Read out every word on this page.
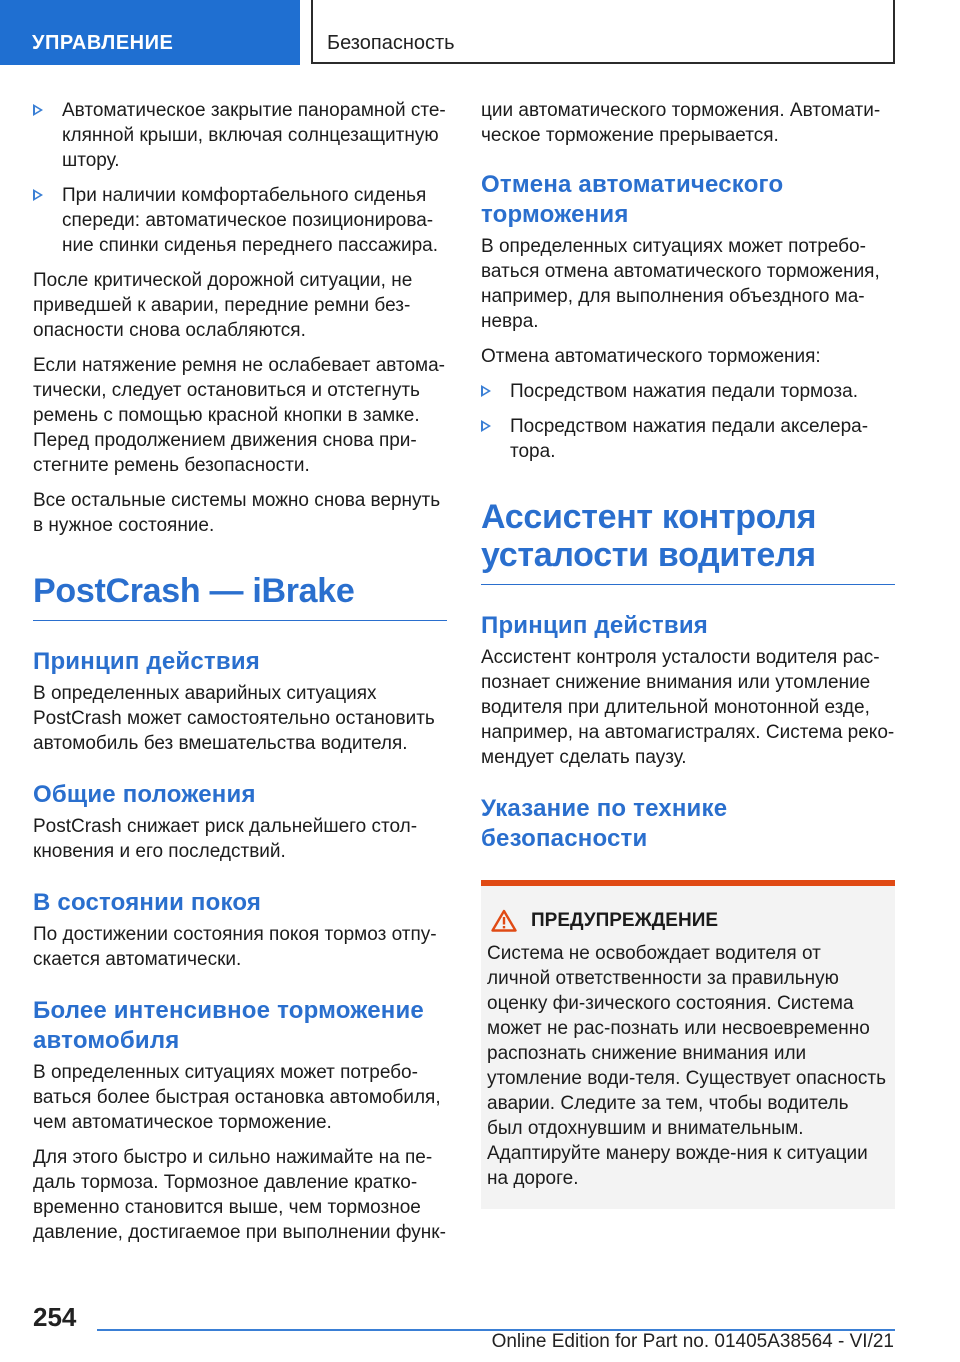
УПРАВЛЕНИЕ	Безопасность
Автоматическое закрытие панорамной сте-клянной крыши, включая солнцезащитную штору.
При наличии комфортабельного сиденья спереди: автоматическое позиционирова-ние спинки сиденья переднего пассажира.

После критической дорожной ситуации, не приведшей к аварии, передние ремни без-опасности снова ослабляются.

Если натяжение ремня не ослабевает автома-тически, следует остановиться и отстегнуть ремень с помощью красной кнопки в замке. Перед продолжением движения снова при-стегните ремень безопасности.

Все остальные системы можно снова вернуть в нужное состояние.

PostCrash — iBrake
Принцип действия

В определенных аварийных ситуациях PostCrash может самостоятельно остановить автомобиль без вмешательства водителя.

Общие положения

PostCrash снижает риск дальнейшего стол-кновения и его последствий.

В состоянии покоя

По достижении состояния покоя тормоз отпу-скается автоматически.

Более интенсивное торможение автомобиля

В определенных ситуациях может потребо-ваться более быстрая остановка автомобиля, чем автоматическое торможение.

Для этого быстро и сильно нажимайте на пе-даль тормоза. Тормозное давление кратко-временно становится выше, чем тормозное давление, достигаемое при выполнении функ-

ции автоматического торможения. Автомати-ческое торможение прерывается.

Отмена автоматического торможения

В определенных ситуациях может потребо-ваться отмена автоматического торможения, например, для выполнения объездного ма-невра.

Отмена автоматического торможения:

Посредством нажатия педали тормоза.
Посредством нажатия педали акселера-тора.
Ассистент контроля усталости водителя
Принцип действия

Ассистент контроля усталости водителя рас-познает снижение внимания или утомление водителя при длительной монотонной езде, например, на автомагистралях. Система реко-мендует сделать паузу.

Указание по технике безопасности
ПРЕДУПРЕЖДЕНИЕ

Система не освобождает водителя от личной ответственности за правильную оценку фи-зического состояния. Система может не рас-познать или несвоевременно распознать снижение внимания или утомление води-теля. Существует опасность аварии. Следите за тем, чтобы водитель был отдохнувшим и внимательным. Адаптируйте манеру вожде-ния к ситуации на дороге.

254
Online Edition for Part no. 01405A38564 - VI/21
